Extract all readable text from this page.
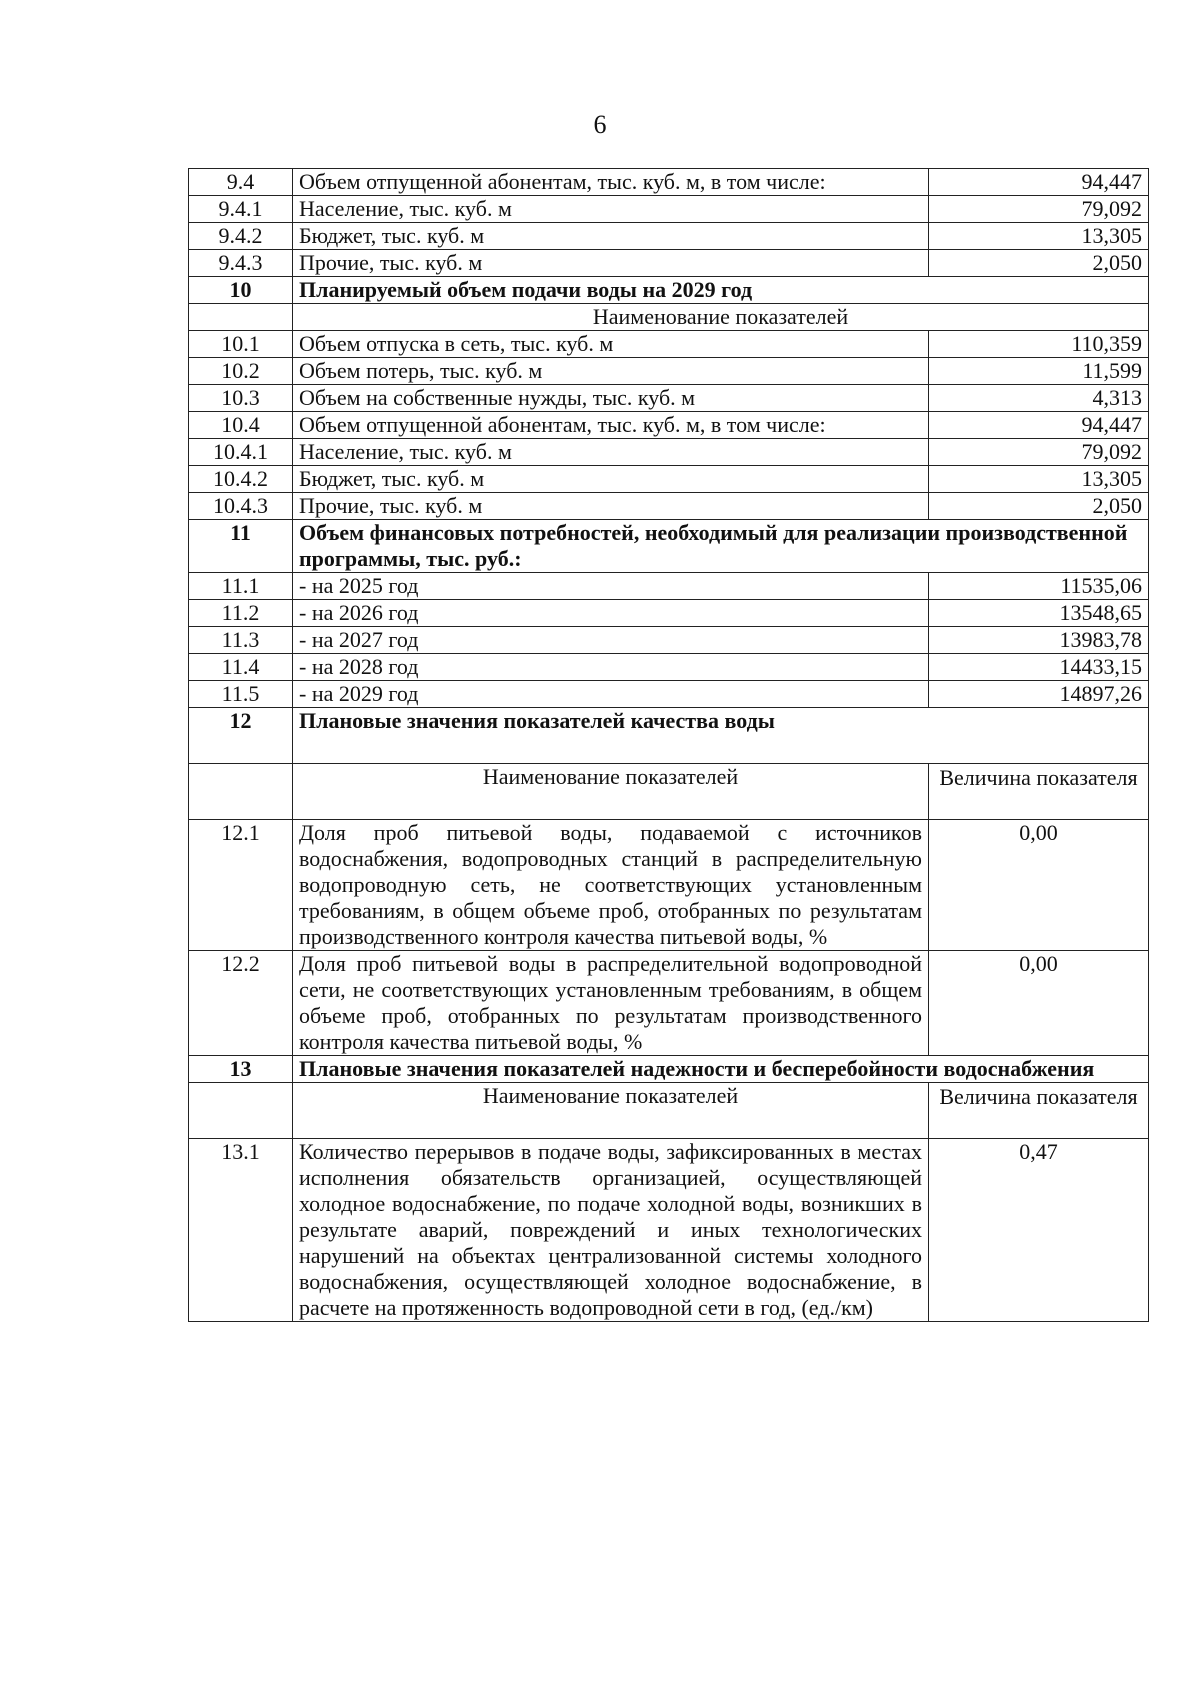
6
9.4	Объем отпущенной абонентам, тыс. куб. м, в том числе:	94,447
9.4.1	Население, тыс. куб. м	79,092
9.4.2	Бюджет, тыс. куб. м	13,305
9.4.3	Прочие, тыс. куб. м	2,050
10	Планируемый объем подачи воды на 2029 год	
	Наименование показателей	
10.1	Объем отпуска в сеть, тыс. куб. м	110,359
10.2	Объем потерь, тыс. куб. м	11,599
10.3	Объем на собственные нужды, тыс. куб. м	4,313
10.4	Объем отпущенной абонентам, тыс. куб. м, в том числе:	94,447
10.4.1	Население, тыс. куб. м	79,092
10.4.2	Бюджет, тыс. куб. м	13,305
10.4.3	Прочие, тыс. куб. м	2,050
11	Объем финансовых потребностей, необходимый для реализации производственной программы, тыс. руб.:	
11.1	- на 2025 год	11535,06
11.2	- на 2026 год	13548,65
11.3	- на 2027 год	13983,78
11.4	- на 2028 год	14433,15
11.5	- на 2029 год	14897,26
12	Плановые значения показателей качества воды	
	Наименование показателей	Величина показателя
12.1	Доля проб питьевой воды, подаваемой с источников водоснабжения, водопроводных станций в распределительную водопроводную сеть, не соответствующих установленным требованиям, в общем объеме проб, отобранных по результатам производственного контроля качества питьевой воды, %	0,00
12.2	Доля проб питьевой воды в распределительной водопроводной сети, не соответствующих установленным требованиям, в общем объеме проб, отобранных по результатам производственного контроля качества питьевой воды, %	0,00
13	Плановые значения показателей надежности и бесперебойности водоснабжения	
	Наименование показателей	Величина показателя
13.1	Количество перерывов в подаче воды, зафиксированных в местах исполнения обязательств организацией, осуществляющей холодное водоснабжение, по подаче холодной воды, возникших в результате аварий, повреждений и иных технологических нарушений на объектах централизованной системы холодного водоснабжения, осуществляющей холодное водоснабжение, в расчете на протяженность водопроводной сети в год, (ед./км)	0,47
